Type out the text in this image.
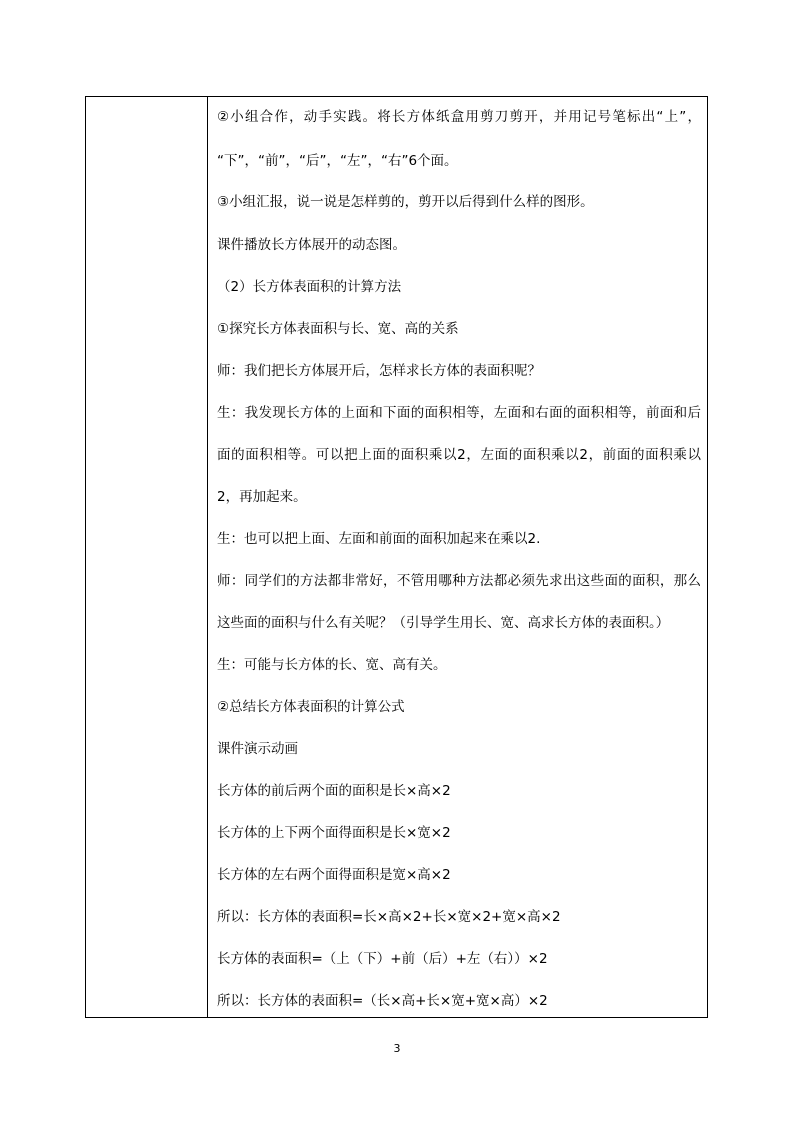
②小组合作，动手实践。将长方体纸盒用剪刀剪开，并用记号笔标出“上”，
“下”，“前”，“后”，“左”，“右”6个面。
③小组汇报，说一说是怎样剪的，剪开以后得到什么样的图形。
课件播放长方体展开的动态图。
（2）长方体表面积的计算方法
①探究长方体表面积与长、宽、高的关系
师：我们把长方体展开后，怎样求长方体的表面积呢？
生：我发现长方体的上面和下面的面积相等，左面和右面的面积相等，前面和后
面的面积相等。可以把上面的面积乘以2，左面的面积乘以2，前面的面积乘以
2，再加起来。
生：也可以把上面、左面和前面的面积加起来在乘以2.
师：同学们的方法都非常好，不管用哪种方法都必须先求出这些面的面积，那么
这些面的面积与什么有关呢？（引导学生用长、宽、高求长方体的表面积。）
生：可能与长方体的长、宽、高有关。
②总结长方体表面积的计算公式
课件演示动画
长方体的前后两个面的面积是长×高×2
长方体的上下两个面得面积是长×宽×2
长方体的左右两个面得面积是宽×高×2
所以：长方体的表面积=长×高×2+长×宽×2+宽×高×2
长方体的表面积=（上（下）+前（后）+左（右））×2
所以：长方体的表面积=（长×高+长×宽+宽×高）×2
3
